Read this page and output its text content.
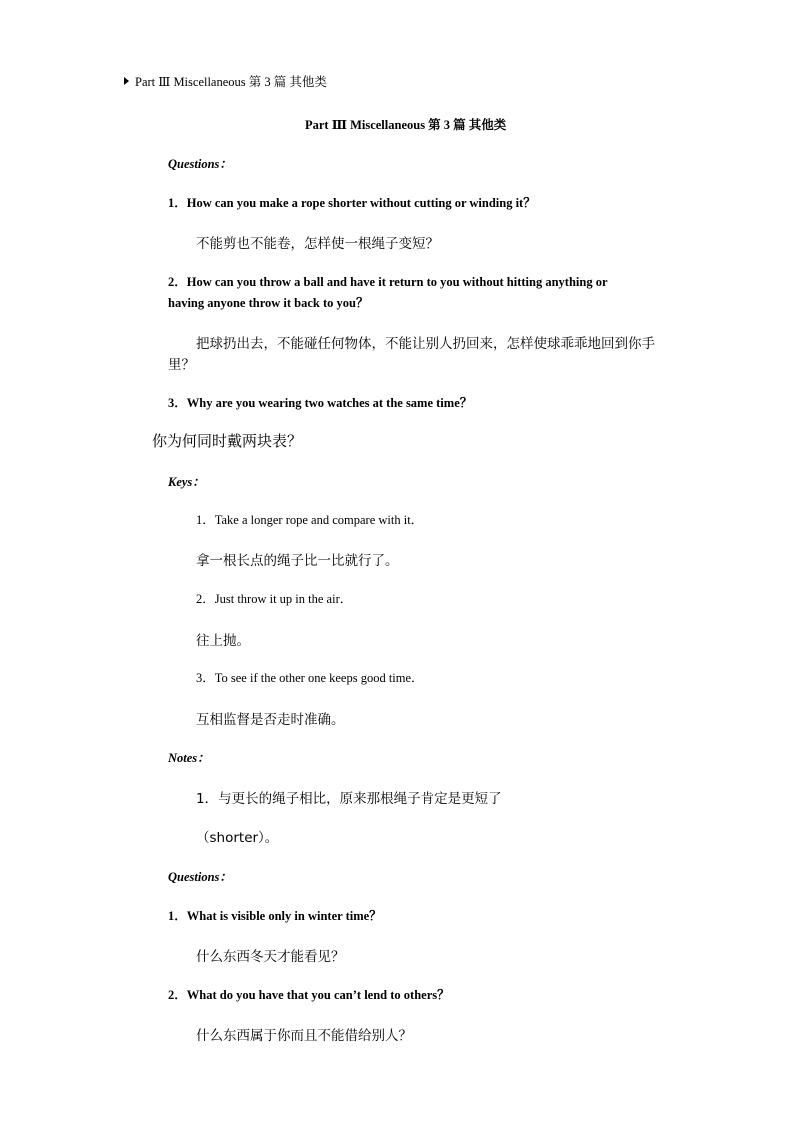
Part Ⅲ Miscellaneous 第 3 篇 其他类
Part Ⅲ Miscellaneous 第 3 篇 其他类
Questions：
1．How can you make a rope shorter without cutting or winding it？
不能剪也不能卷，怎样使一根绳子变短？
2．How can you throw a ball and have it return to you without hitting anything or
having anyone throw it back to you？
把球扔出去，不能碰任何物体，不能让别人扔回来，怎样使球乖乖地回到你手
里？
3．Why are you wearing two watches at the same time？
你为何同时戴两块表？
Keys：
1．Take a longer rope and compare with it．
拿一根长点的绳子比一比就行了。
2．Just throw it up in the air．
往上抛。
3．To see if the other one keeps good time．
互相监督是否走时准确。
Notes：
1．与更长的绳子相比，原来那根绳子肯定是更短了
（shorter）。
Questions：
1．What is visible only in winter time？
什么东西冬天才能看见？
2．What do you have that you can’t lend to others？
什么东西属于你而且不能借给别人？
